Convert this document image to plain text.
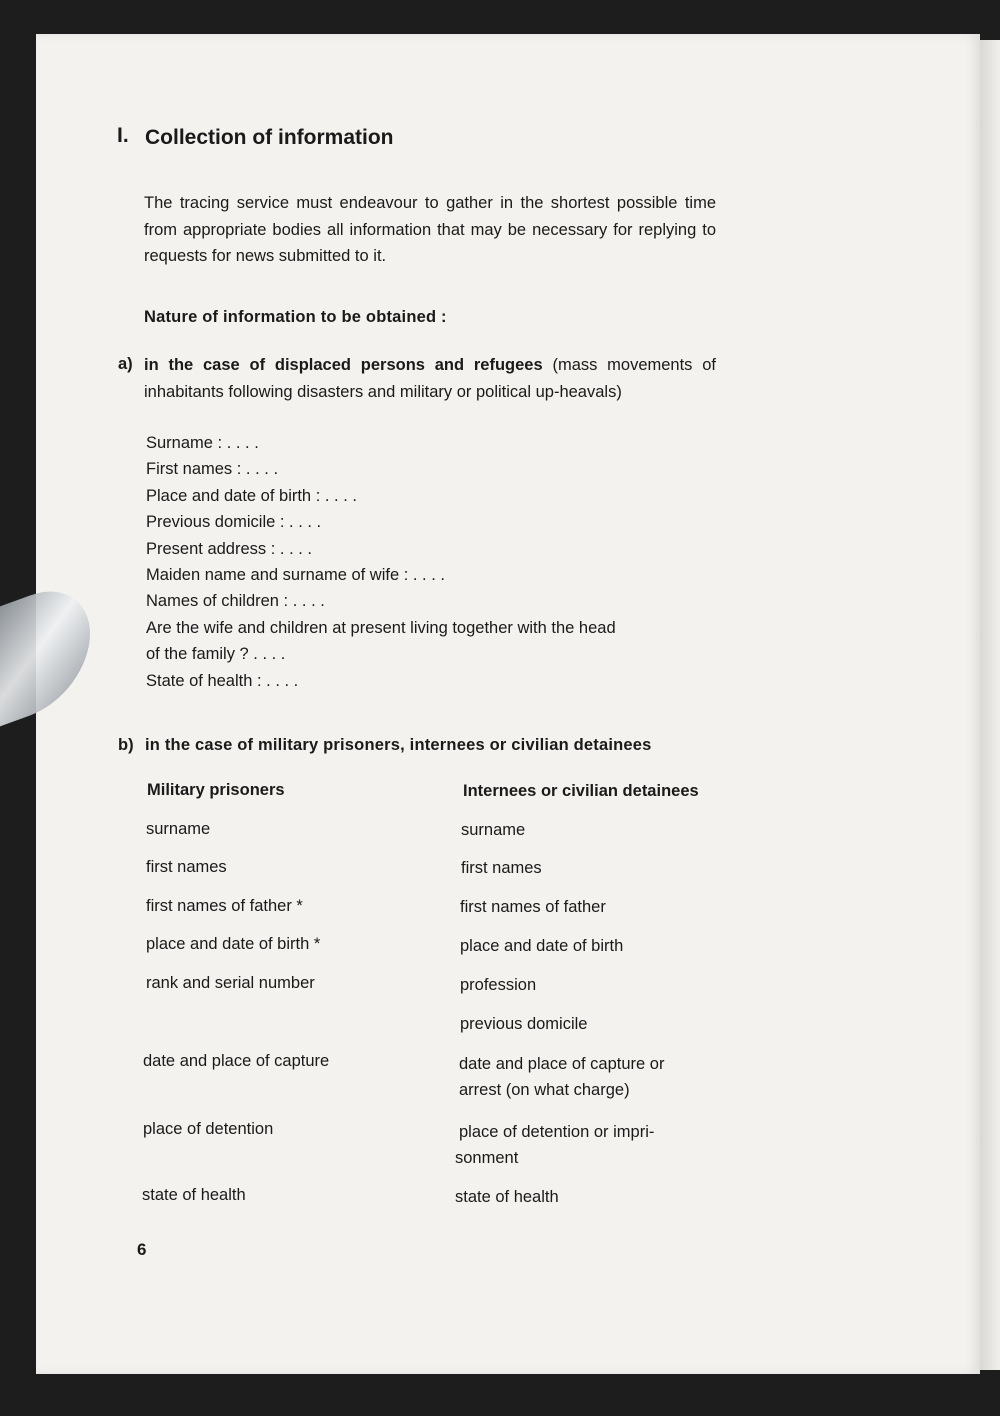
I. Collection of information
The tracing service must endeavour to gather in the shortest possible time from appropriate bodies all information that may be necessary for replying to requests for news submitted to it.
Nature of information to be obtained :
a) in the case of displaced persons and refugees (mass movements of inhabitants following disasters and military or political up-heavals)
Surname : . . . .
First names : . . . .
Place and date of birth : . . . .
Previous domicile : . . . .
Present address : . . . .
Maiden name and surname of wife : . . . .
Names of children : . . . .
Are the wife and children at present living together with the head
of the family ? . . . .
State of health : . . . .
b) in the case of military prisoners, internees or civilian detainees
Military prisoners	Internees or civilian detainees
surname
first names
first names of father *
place and date of birth *
rank and serial number
date and place of capture
place of detention
state of health
surname
first names
first names of father
place and date of birth
profession
previous domicile
date and place of capture or
arrest (on what charge)
place of detention or impri-
sonment
state of health
6
